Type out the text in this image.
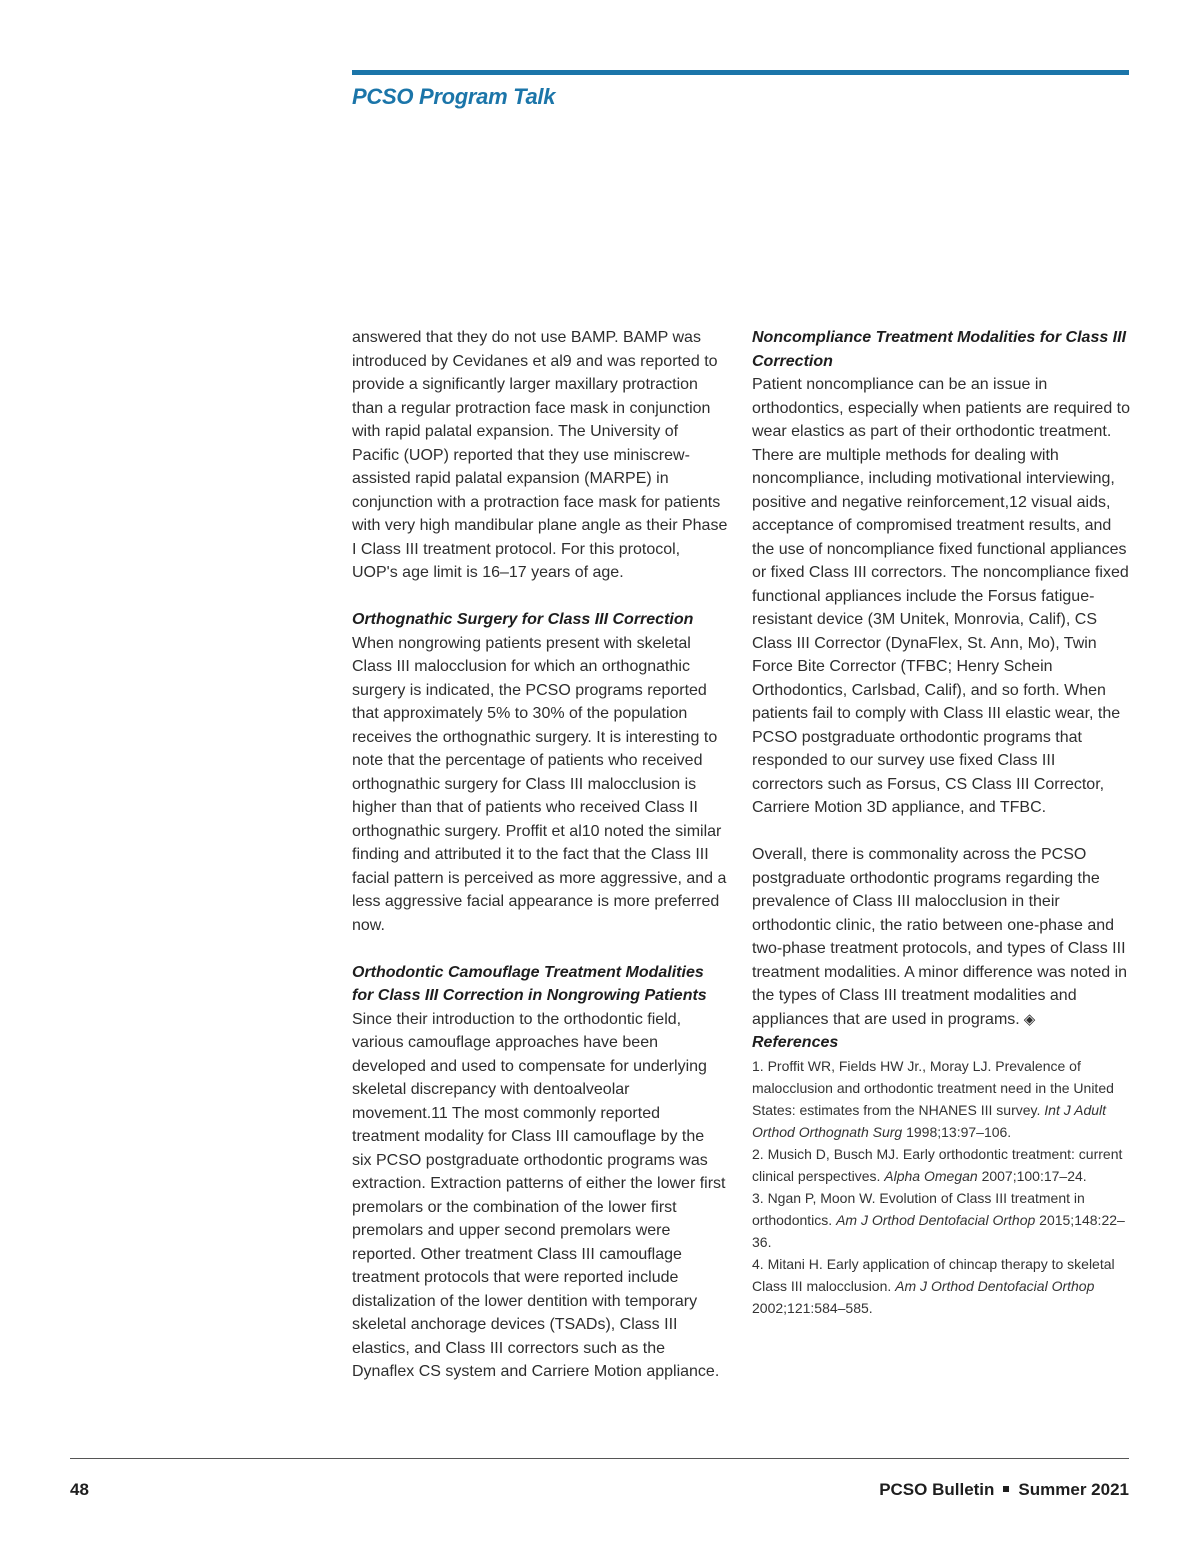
PCSO Program Talk

answered that they do not use BAMP. BAMP was introduced by Cevidanes et al9 and was reported to provide a significantly larger maxillary protraction than a regular protraction face mask in conjunction with rapid palatal expansion. The University of Pacific (UOP) reported that they use miniscrew-assisted rapid palatal expansion (MARPE) in conjunction with a protraction face mask for patients with very high mandibular plane angle as their Phase I Class III treatment protocol. For this protocol, UOP's age limit is 16–17 years of age.

Orthognathic Surgery for Class III Correction

When nongrowing patients present with skeletal Class III malocclusion for which an orthognathic surgery is indicated, the PCSO programs reported that approximately 5% to 30% of the population receives the orthognathic surgery. It is interesting to note that the percentage of patients who received orthognathic surgery for Class III malocclusion is higher than that of patients who received Class II orthognathic surgery. Proffit et al10 noted the similar finding and attributed it to the fact that the Class III facial pattern is perceived as more aggressive, and a less aggressive facial appearance is more preferred now.

Orthodontic Camouflage Treatment Modalities for Class III Correction in Nongrowing Patients

Since their introduction to the orthodontic field, various camouflage approaches have been developed and used to compensate for underlying skeletal discrepancy with dentoalveolar movement.11 The most commonly reported treatment modality for Class III camouflage by the six PCSO postgraduate orthodontic programs was extraction. Extraction patterns of either the lower first premolars or the combination of the lower first premolars and upper second premolars were reported. Other treatment Class III camouflage treatment protocols that were reported include distalization of the lower dentition with temporary skeletal anchorage devices (TSADs), Class III elastics, and Class III correctors such as the Dynaflex CS system and Carriere Motion appliance.

Noncompliance Treatment Modalities for Class III Correction

Patient noncompliance can be an issue in orthodontics, especially when patients are required to wear elastics as part of their orthodontic treatment. There are multiple methods for dealing with noncompliance, including motivational interviewing, positive and negative reinforcement,12 visual aids, acceptance of compromised treatment results, and the use of noncompliance fixed functional appliances or fixed Class III correctors. The noncompliance fixed functional appliances include the Forsus fatigue-resistant device (3M Unitek, Monrovia, Calif), CS Class III Corrector (DynaFlex, St. Ann, Mo), Twin Force Bite Corrector (TFBC; Henry Schein Orthodontics, Carlsbad, Calif), and so forth. When patients fail to comply with Class III elastic wear, the PCSO postgraduate orthodontic programs that responded to our survey use fixed Class III correctors such as Forsus, CS Class III Corrector, Carriere Motion 3D appliance, and TFBC.

Overall, there is commonality across the PCSO postgraduate orthodontic programs regarding the prevalence of Class III malocclusion in their orthodontic clinic, the ratio between one-phase and two-phase treatment protocols, and types of Class III treatment modalities. A minor difference was noted in the types of Class III treatment modalities and appliances that are used in programs. ◈

References

1. Proffit WR, Fields HW Jr., Moray LJ. Prevalence of malocclusion and orthodontic treatment need in the United States: estimates from the NHANES III survey. Int J Adult Orthod Orthognath Surg 1998;13:97–106.

2. Musich D, Busch MJ. Early orthodontic treatment: current clinical perspectives. Alpha Omegan 2007;100:17–24.

3. Ngan P, Moon W. Evolution of Class III treatment in orthodontics. Am J Orthod Dentofacial Orthop 2015;148:22–36.

4. Mitani H. Early application of chincap therapy to skeletal Class III malocclusion. Am J Orthod Dentofacial Orthop 2002;121:584–585.

48	PCSO Bulletin Summer 2021
